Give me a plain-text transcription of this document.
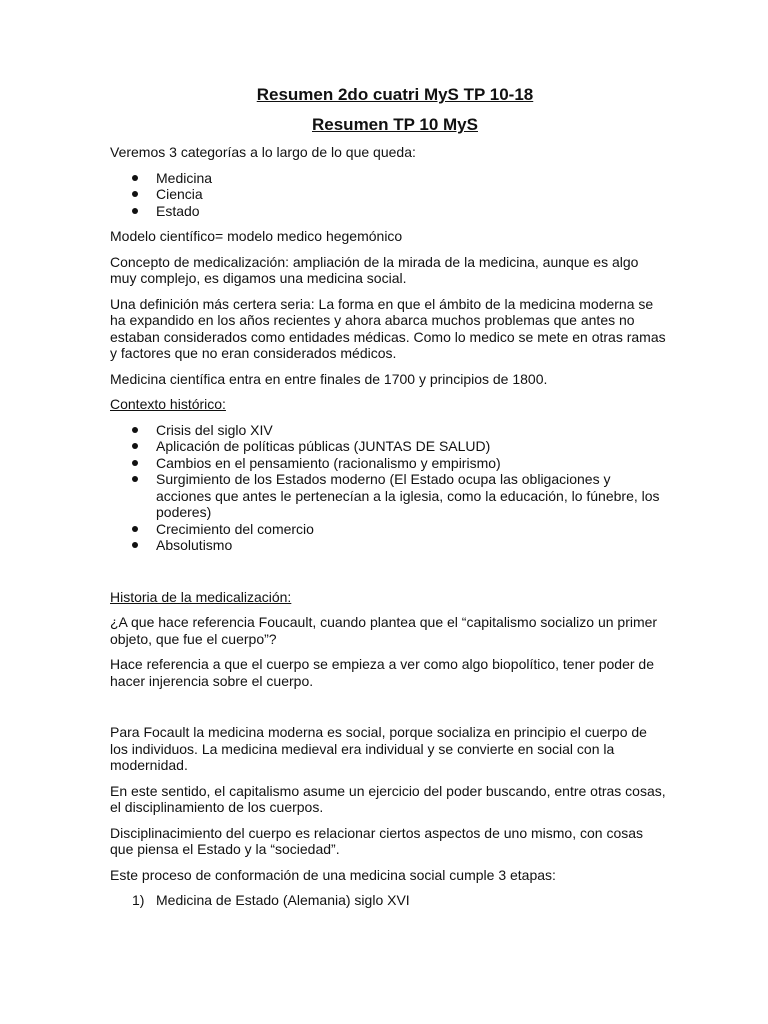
Resumen 2do cuatri MyS TP 10-18
Resumen TP 10 MyS

Veremos 3 categorías a lo largo de lo que queda:

Medicina
Ciencia
Estado

Modelo científico= modelo medico hegemónico

Concepto de medicalización: ampliación de la mirada de la medicina, aunque es algo muy complejo, es digamos una medicina social.

Una definición más certera seria: La forma en que el ámbito de la medicina moderna se ha expandido en los años recientes y ahora abarca muchos problemas que antes no estaban considerados como entidades médicas. Como lo medico se mete en otras ramas y factores que no eran considerados médicos.

Medicina científica entra en entre finales de 1700 y principios de 1800.

Contexto histórico:

Crisis del siglo XIV
Aplicación de políticas públicas (JUNTAS DE SALUD)
Cambios en el pensamiento (racionalismo y empirismo)
Surgimiento de los Estados moderno (El Estado ocupa las obligaciones y acciones que antes le pertenecían a la iglesia, como la educación, lo fúnebre, los poderes)
Crecimiento del comercio
Absolutismo

Historia de la medicalización:

¿A que hace referencia Foucault, cuando plantea que el “capitalismo socializo un primer objeto, que fue el cuerpo”?

Hace referencia a que el cuerpo se empieza a ver como algo biopolítico, tener poder de hacer injerencia sobre el cuerpo.

Para Focault la medicina moderna es social, porque socializa en principio el cuerpo de los individuos. La medicina medieval era individual y se convierte en social con la modernidad.

En este sentido, el capitalismo asume un ejercicio del poder buscando, entre otras cosas, el disciplinamiento de los cuerpos.

Disciplinacimiento del cuerpo es relacionar ciertos aspectos de uno mismo, con cosas que piensa el Estado y la “sociedad”.

Este proceso de conformación de una medicina social cumple 3 etapas:

1) Medicina de Estado (Alemania) siglo XVI
